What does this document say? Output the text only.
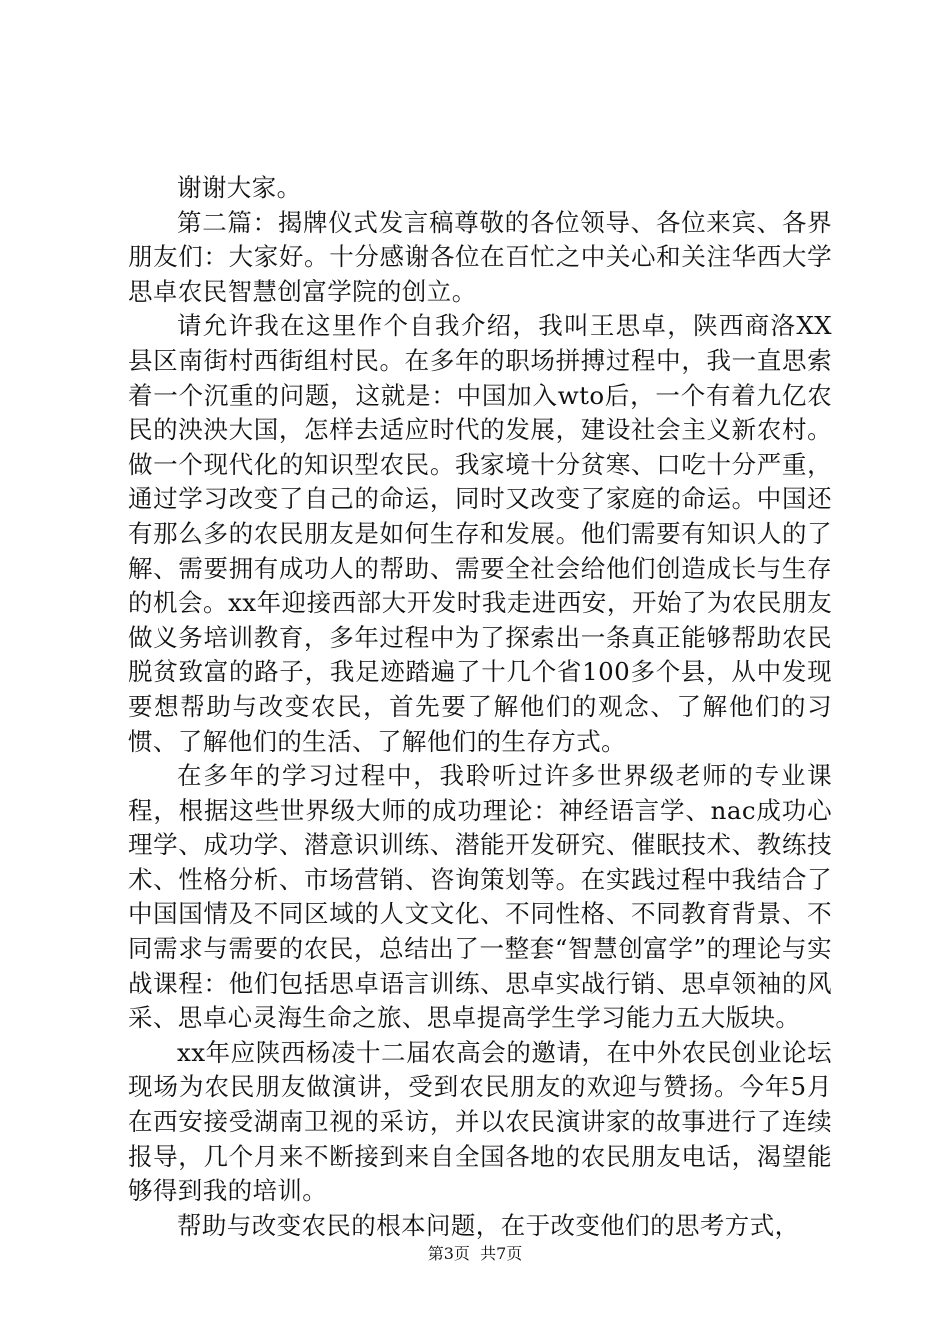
谢谢大家。

第二篇：揭牌仪式发言稿尊敬的各位领导、各位来宾、各界朋友们：大家好。十分感谢各位在百忙之中关心和关注华西大学思卓农民智慧创富学院的创立。

请允许我在这里作个自我介绍，我叫王思卓，陕西商洛XX县区南街村西街组村民。在多年的职场拼搏过程中，我一直思索着一个沉重的问题，这就是：中国加入wto后，一个有着九亿农民的泱泱大国，怎样去适应时代的发展，建设社会主义新农村。做一个现代化的知识型农民。我家境十分贫寒、口吃十分严重，通过学习改变了自己的命运，同时又改变了家庭的命运。中国还有那么多的农民朋友是如何生存和发展。他们需要有知识人的了解、需要拥有成功人的帮助、需要全社会给他们创造成长与生存的机会。xx年迎接西部大开发时我走进西安，开始了为农民朋友做义务培训教育，多年过程中为了探索出一条真正能够帮助农民脱贫致富的路子，我足迹踏遍了十几个省100多个县，从中发现要想帮助与改变农民，首先要了解他们的观念、了解他们的习惯、了解他们的生活、了解他们的生存方式。

在多年的学习过程中，我聆听过许多世界级老师的专业课程，根据这些世界级大师的成功理论：神经语言学、nac成功心理学、成功学、潜意识训练、潜能开发研究、催眠技术、教练技术、性格分析、市场营销、咨询策划等。在实践过程中我结合了中国国情及不同区域的人文文化、不同性格、不同教育背景、不同需求与需要的农民，总结出了一整套“智慧创富学”的理论与实战课程：他们包括思卓语言训练、思卓实战行销、思卓领袖的风采、思卓心灵海生命之旅、思卓提高学生学习能力五大版块。

xx年应陕西杨凌十二届农高会的邀请，在中外农民创业论坛现场为农民朋友做演讲，受到农民朋友的欢迎与赞扬。今年5月在西安接受湖南卫视的采访，并以农民演讲家的故事进行了连续报导，几个月来不断接到来自全国各地的农民朋友电话，渴望能够得到我的培训。

帮助与改变农民的根本问题，在于改变他们的思考方式，

第3页 共7页
